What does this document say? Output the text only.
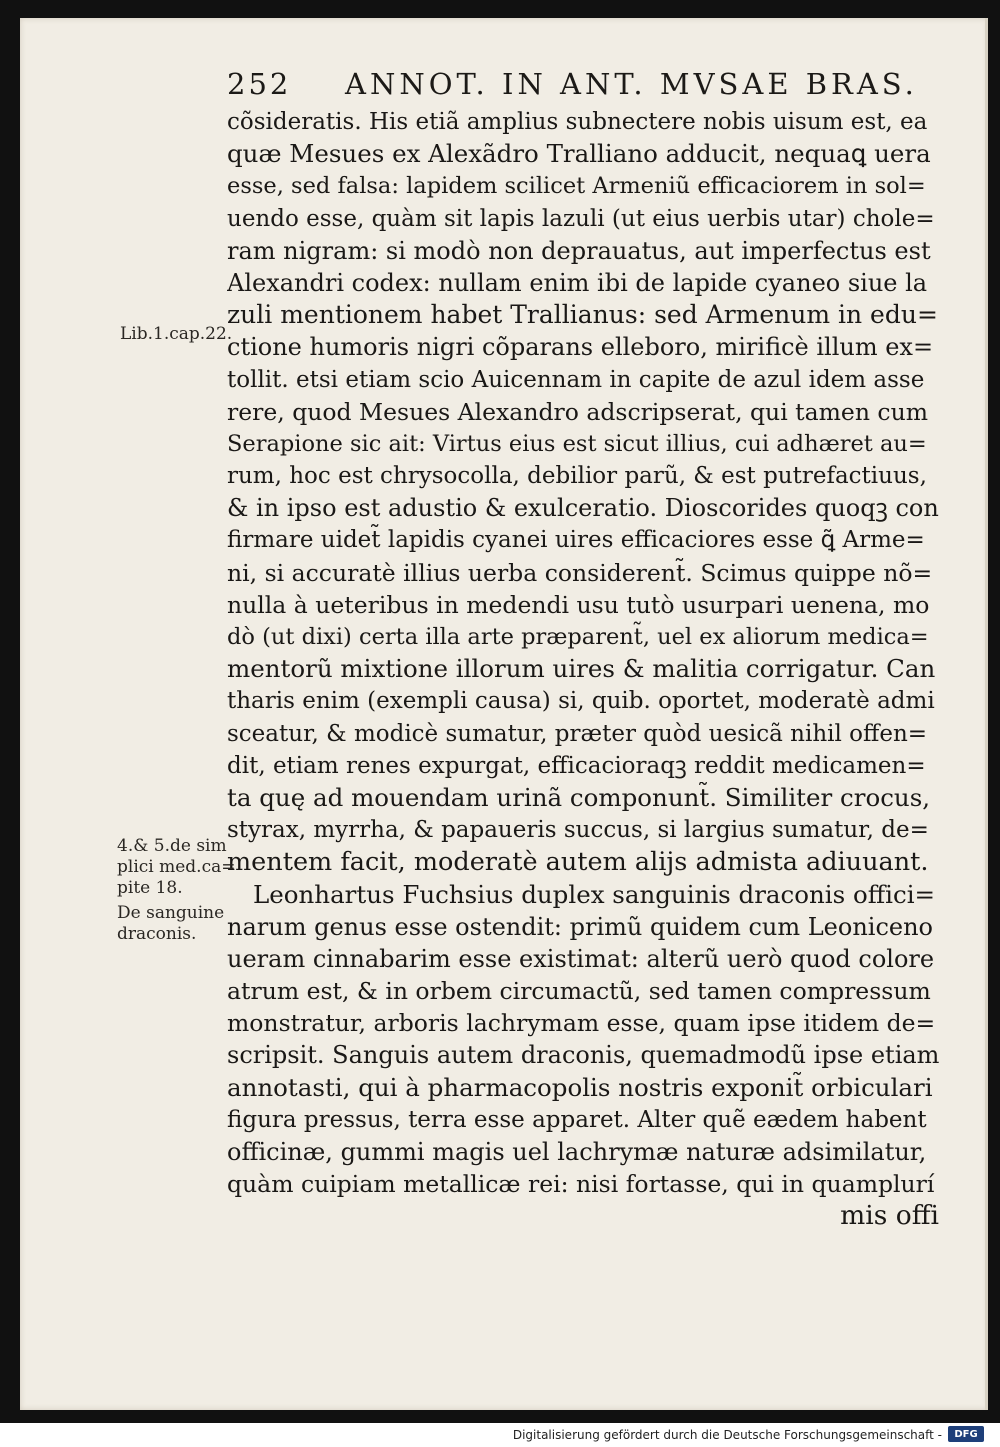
252 ANNOT. IN ANT. MVSAE BRAS.
cõsideratis. His etiã amplius subnectere nobis uisum est, ea
quæ Mesues ex Alexãdro Tralliano adducit, nequaꝗ uera
esse, sed falsa: lapidem scilicet Armeniũ efficaciorem in sol=
uendo esse, quàm sit lapis lazuli (ut eius uerbis utar) chole=
ram nigram: si modò non deprauatus, aut imperfectus est
Alexandri codex: nullam enim ibi de lapide cyaneo siue la
zuli mentionem habet Trallianus: sed Armenum in edu=
ctione humoris nigri cõparans elleboro, mirificè illum ex=
tollit. etsi etiam scio Auicennam in capite de azul idem asse
rere, quod Mesues Alexandro adscripserat, qui tamen cum
Serapione sic ait: Virtus eius est sicut illius, cui adhæret au=
rum, hoc est chrysocolla, debilior parũ, & est putrefactiuus,
& in ipso est adustio & exulceratio. Dioscorides quoqꝫ con
firmare uidet̃ lapidis cyanei uires efficaciores esse ꝗ̃ Arme=
ni, si accuratè illius uerba considerent̃. Scimus quippe nõ=
nulla à ueteribus in medendi usu tutò usurpari uenena, mo
dò (ut dixi) certa illa arte præparent̃, uel ex aliorum medica=
mentorũ mixtione illorum uires & malitia corrigatur. Can
tharis enim (exempli causa) si, quib. oportet, moderatè admi
sceatur, & modicè sumatur, præter quòd uesicã nihil offen=
dit, etiam renes expurgat, efficacioraqꝫ reddit medicamen=
ta quę ad mouendam urinã componunt̃. Similiter crocus,
styrax, myrrha, & papaueris succus, si largius sumatur, de=
mentem facit, moderatè autem alijs admista adiuuant.
Leonhartus Fuchsius duplex sanguinis draconis offici=
narum genus esse ostendit: primũ quidem cum Leoniceno
ueram cinnabarim esse existimat: alterũ uerò quod colore
atrum est, & in orbem circumactũ, sed tamen compressum
monstratur, arboris lachrymam esse, quam ipse itidem de=
scripsit. Sanguis autem draconis, quemadmodũ ipse etiam
annotasti, qui à pharmacopolis nostris exponit̃ orbiculari
figura pressus, terra esse apparet. Alter quẽ eædem habent
officinæ, gummi magis uel lachrymæ naturæ adsimilatur,
quàm cuipiam metallicæ rei: nisi fortasse, qui in quamplurí
mis offi
Lib.1.cap.22.
4.& 5.de sim
plici med.ca=
pite 18.
De sanguine
draconis.
Digitalisierung gefördert durch die Deutsche Forschungsgemeinschaft -	DFG
